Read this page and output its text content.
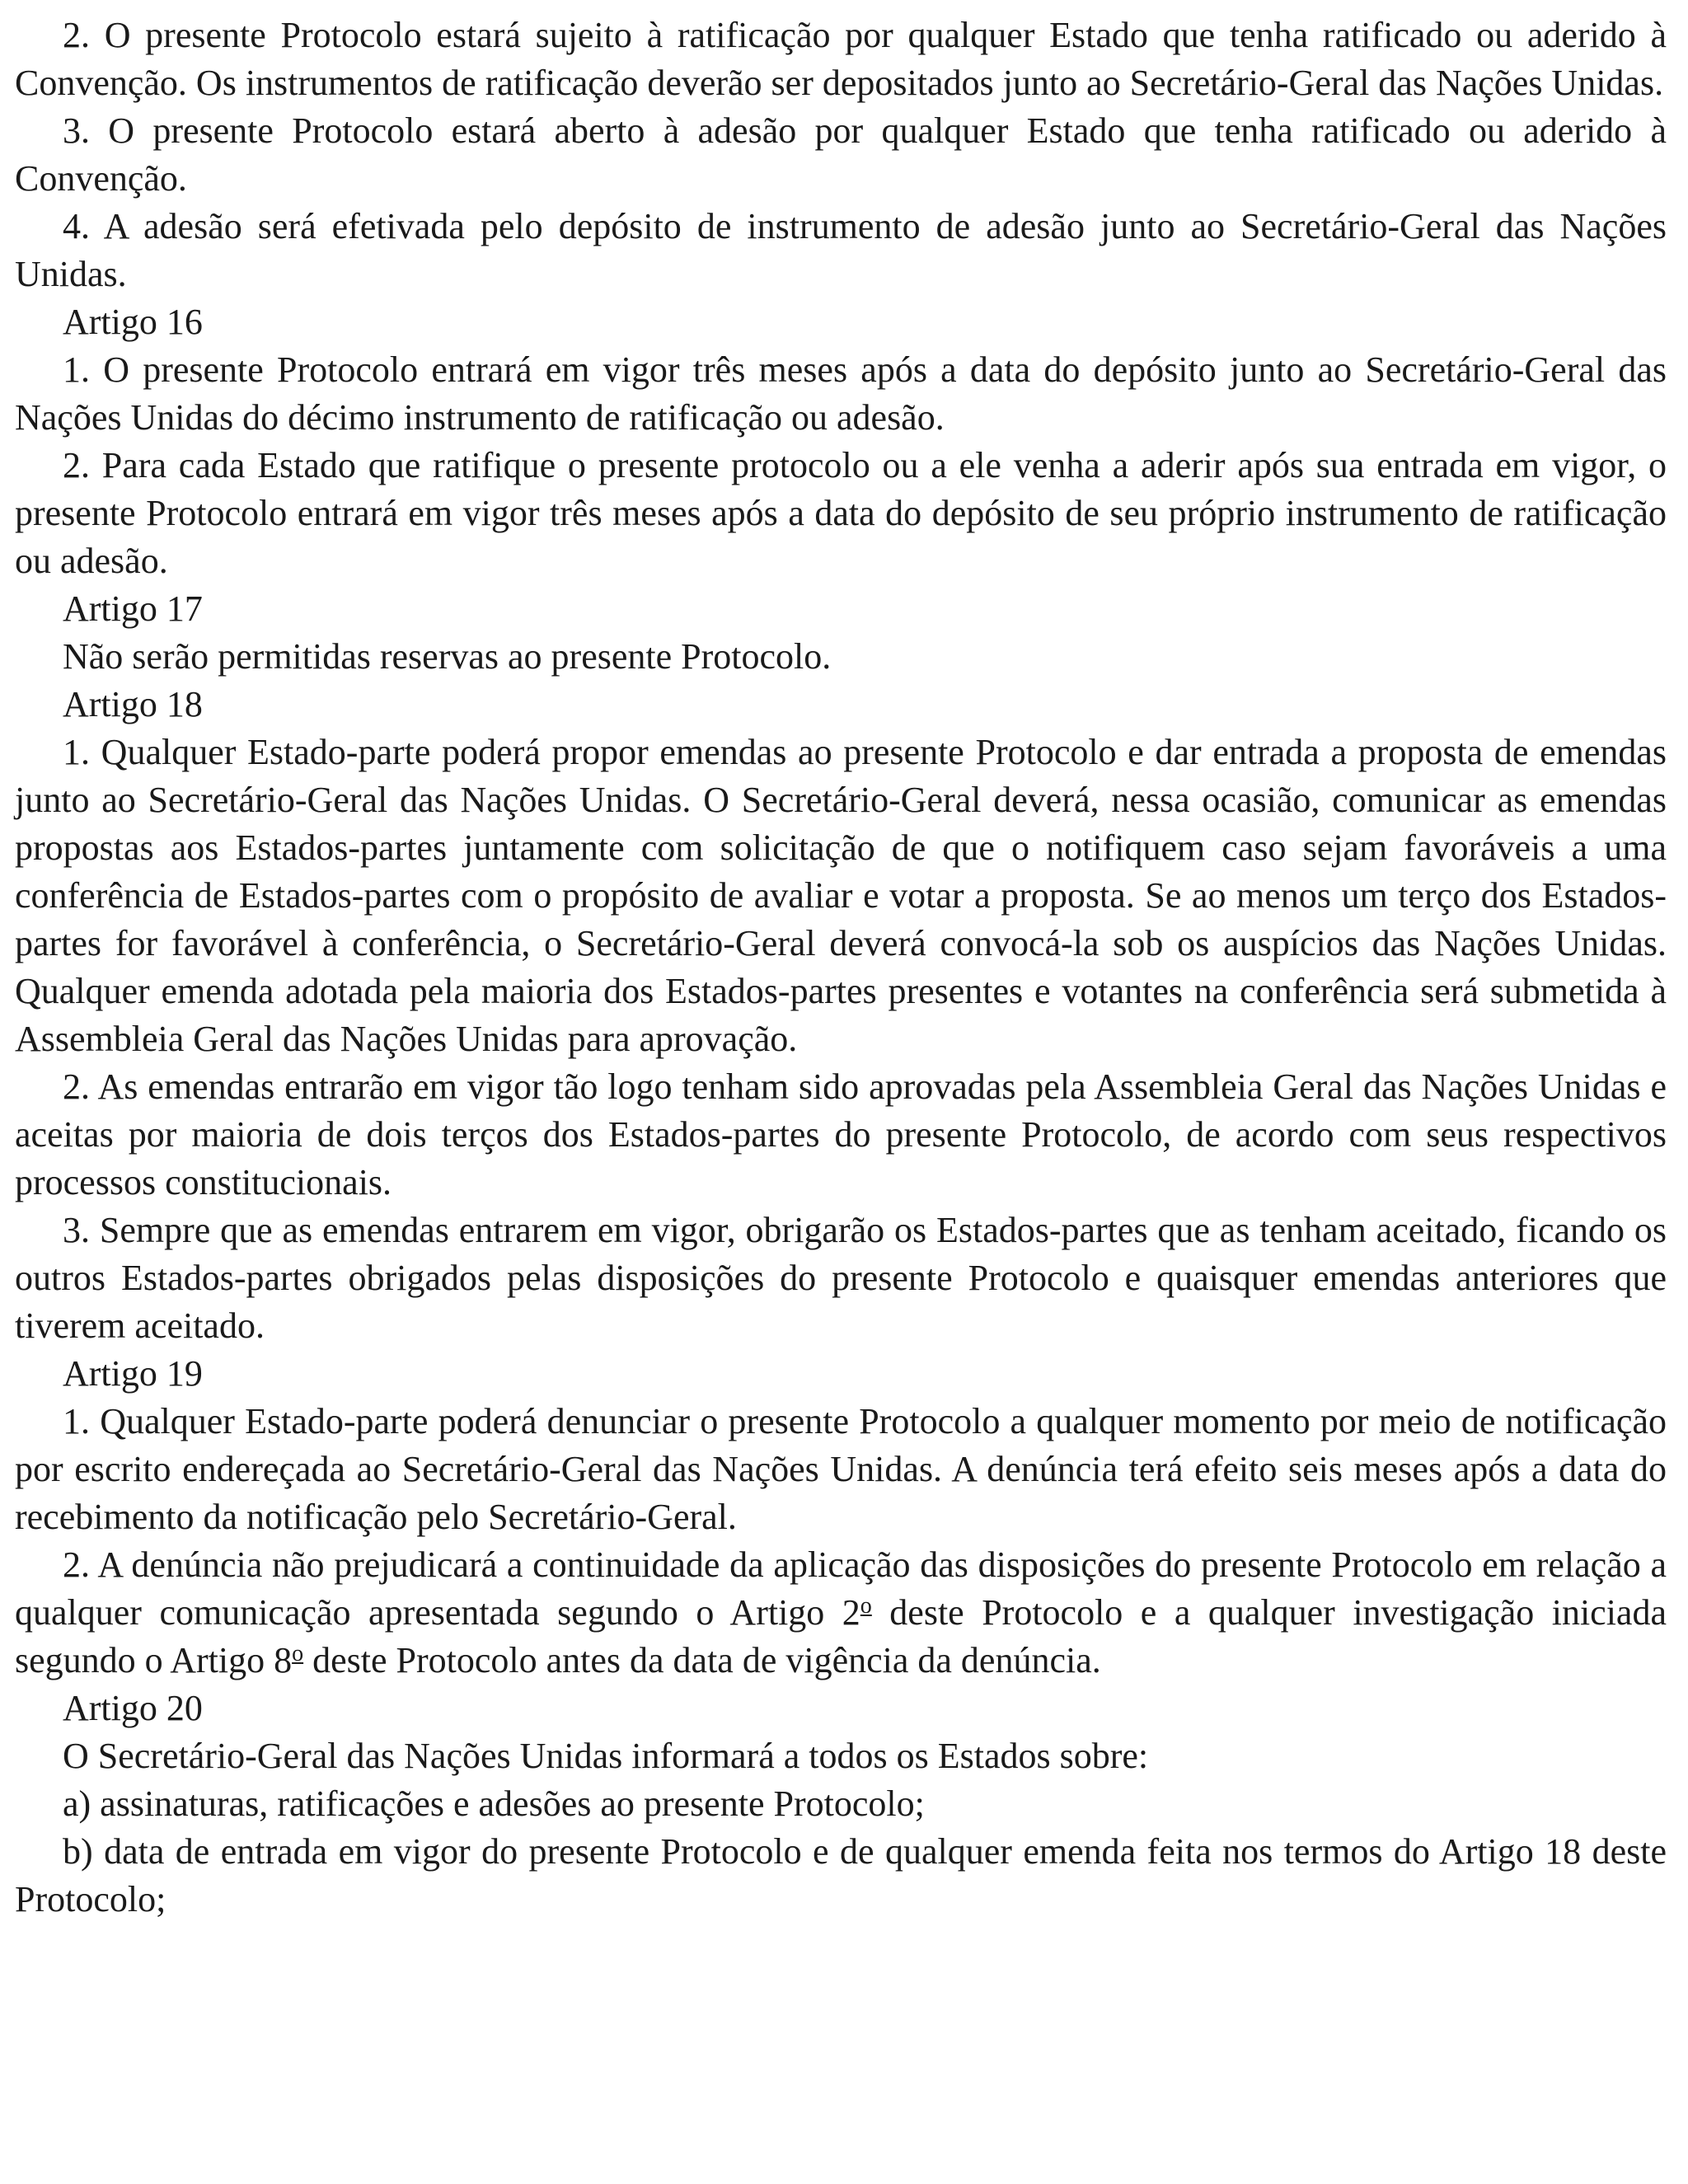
2. O presente Protocolo estará sujeito à ratificação por qualquer Estado que tenha ratificado ou aderido à Convenção. Os instrumentos de ratificação deverão ser depositados junto ao Secretário-Geral das Nações Unidas.

3. O presente Protocolo estará aberto à adesão por qualquer Estado que tenha ratificado ou aderido à Convenção.

4. A adesão será efetivada pelo depósito de instrumento de adesão junto ao Secretário-Geral das Nações Unidas.

Artigo 16

1. O presente Protocolo entrará em vigor três meses após a data do depósito junto ao Secretário-Geral das Nações Unidas do décimo instrumento de ratificação ou adesão.

2. Para cada Estado que ratifique o presente protocolo ou a ele venha a aderir após sua entrada em vigor, o presente Protocolo entrará em vigor três meses após a data do depósito de seu próprio instrumento de ratificação ou adesão.

Artigo 17

Não serão permitidas reservas ao presente Protocolo.

Artigo 18

1. Qualquer Estado-parte poderá propor emendas ao presente Protocolo e dar entrada a proposta de emendas junto ao Secretário-Geral das Nações Unidas. O Secretário-Geral deverá, nessa ocasião, comunicar as emendas propostas aos Estados-partes juntamente com solicitação de que o notifiquem caso sejam favoráveis a uma conferência de Estados-partes com o propósito de avaliar e votar a proposta. Se ao menos um terço dos Estados-partes for favorável à conferência, o Secretário-Geral deverá convocá-la sob os auspícios das Nações Unidas. Qualquer emenda adotada pela maioria dos Estados-partes presentes e votantes na conferência será submetida à Assembleia Geral das Nações Unidas para aprovação.

2. As emendas entrarão em vigor tão logo tenham sido aprovadas pela Assembleia Geral das Nações Unidas e aceitas por maioria de dois terços dos Estados-partes do presente Protocolo, de acordo com seus respectivos processos constitucionais.

3. Sempre que as emendas entrarem em vigor, obrigarão os Estados-partes que as tenham aceitado, ficando os outros Estados-partes obrigados pelas disposições do presente Protocolo e quaisquer emendas anteriores que tiverem aceitado.

Artigo 19

1. Qualquer Estado-parte poderá denunciar o presente Protocolo a qualquer momento por meio de notificação por escrito endereçada ao Secretário-Geral das Nações Unidas. A denúncia terá efeito seis meses após a data do recebimento da notificação pelo Secretário-Geral.

2. A denúncia não prejudicará a continuidade da aplicação das disposições do presente Protocolo em relação a qualquer comunicação apresentada segundo o Artigo 2$^o$ deste Protocolo e a qualquer investigação iniciada segundo o Artigo 8$^o$ deste Protocolo antes da data de vigência da denúncia.

Artigo 20

O Secretário-Geral das Nações Unidas informará a todos os Estados sobre:

a) assinaturas, ratificações e adesões ao presente Protocolo;

b) data de entrada em vigor do presente Protocolo e de qualquer emenda feita nos termos do Artigo 18 deste Protocolo;
